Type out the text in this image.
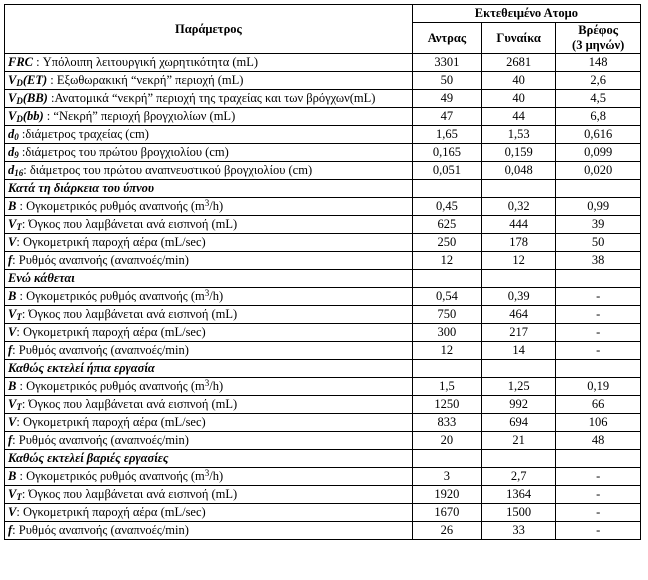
Παράμετρος	Εκτεθειμένο Ατομο		
	Αντρας	Γυναίκα	Βρέφος
(3 μηνών)
FRC : Υπόλοιπη λειτουργική χωρητικότητα (mL)	3301	2681	148
$V_D(ET)$ : Εξωθωρακική “νεκρή” περιοχή (mL)	50	40	2,6
$V_D(BB)$ :Ανατομικά “νεκρή” περιοχή της τραχείας και των βρόγχων(mL)	49	40	4,5
$V_D(bb)$ : “Νεκρή” περιοχή βρογχιολίων (mL)	47	44	6,8
$d_0$ :διάμετρος τραχείας (cm)	1,65	1,53	0,616
$d_9$ :διάμετρος του πρώτου βρογχιολίου (cm)	0,165	0,159	0,099
$d_{16}$: διάμετρος του πρώτου αναπνευστικού βρογχιολίου (cm)	0,051	0,048	0,020
Κατά τη διάρκεια του ύπνου			
B : Ογκομετρικός ρυθμός αναπνοής $(m^3/h)$	0,45	0,32	0,99
$V_T$: Όγκος που λαμβάνεται ανά εισπνοή (mL)	625	444	39
V: Ογκομετρική παροχή αέρα (mL/sec)	250	178	50
f: Ρυθμός αναπνοής (αναπνοές/min)	12	12	38
Ενώ κάθεται			
B : Ογκομετρικός ρυθμός αναπνοής $(m^3/h)$	0,54	0,39	-
$V_T$: Όγκος που λαμβάνεται ανά εισπνοή (mL)	750	464	-
V: Ογκομετρική παροχή αέρα (mL/sec)	300	217	-
f: Ρυθμός αναπνοής (αναπνοές/min)	12	14	-
Καθώς εκτελεί ήπια εργασία			
B : Ογκομετρικός ρυθμός αναπνοής $(m^3/h)$	1,5	1,25	0,19
$V_T$: Όγκος που λαμβάνεται ανά εισπνοή (mL)	1250	992	66
V: Ογκομετρική παροχή αέρα (mL/sec)	833	694	106
f: Ρυθμός αναπνοής (αναπνοές/min)	20	21	48
Καθώς εκτελεί βαριές εργασίες			
B : Ογκομετρικός ρυθμός αναπνοής $(m^3/h)$	3	2,7	-
$V_T$: Όγκος που λαμβάνεται ανά εισπνοή (mL)	1920	1364	-
V: Ογκομετρική παροχή αέρα (mL/sec)	1670	1500	-
f: Ρυθμός αναπνοής (αναπνοές/min)	26	33	-
